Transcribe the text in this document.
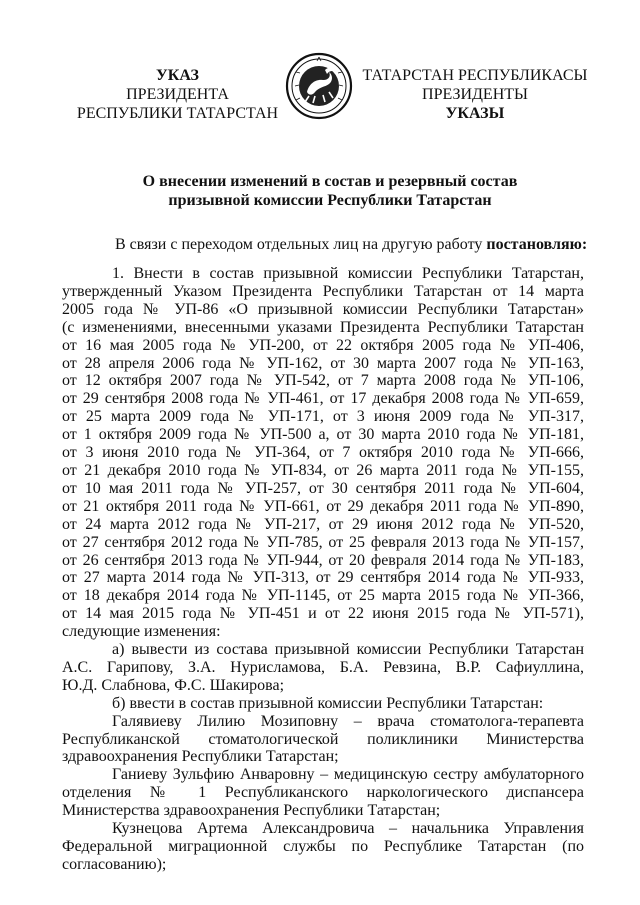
УКАЗ
ПРЕЗИДЕНТА
РЕСПУБЛИКИ ТАТАРСТАН
ТАТАРСТАН РЕСПУБЛИКАСЫ
ПРЕЗИДЕНТЫ
УКАЗЫ
О внесении изменений в состав и резервный состав
призывной комиссии Республики Татарстан
В связи с переходом отдельных лиц на другую работу постановляю:

1. Внести в состав призывной комиссии Республики Татарстан,

утвержденный Указом Президента Республики Татарстан от 14 марта

2005 года № УП-86 «О призывной комиссии Республики Татарстан»

(с изменениями, внесенными указами Президента Республики Татарстан

от 16 мая 2005 года № УП-200, от 22 октября 2005 года № УП-406,

от 28 апреля 2006 года № УП-162, от 30 марта 2007 года № УП-163,

от 12 октября 2007 года № УП-542, от 7 марта 2008 года № УП-106,

от 29 сентября 2008 года № УП-461, от 17 декабря 2008 года № УП-659,

от 25 марта 2009 года № УП-171, от 3 июня 2009 года № УП-317,

от 1 октября 2009 года № УП-500 а, от 30 марта 2010 года № УП-181,

от 3 июня 2010 года № УП-364, от 7 октября 2010 года № УП-666,

от 21 декабря 2010 года № УП-834, от 26 марта 2011 года № УП-155,

от 10 мая 2011 года № УП-257, от 30 сентября 2011 года № УП-604,

от 21 октября 2011 года № УП-661, от 29 декабря 2011 года № УП-890,

от 24 марта 2012 года № УП-217, от 29 июня 2012 года № УП-520,

от 27 сентября 2012 года № УП-785, от 25 февраля 2013 года № УП-157,

от 26 сентября 2013 года № УП-944, от 20 февраля 2014 года № УП-183,

от 27 марта 2014 года № УП-313, от 29 сентября 2014 года № УП-933,

от 18 декабря 2014 года № УП-1145, от 25 марта 2015 года № УП-366,

от 14 мая 2015 года № УП-451 и от 22 июня 2015 года № УП-571),

следующие изменения:

а) вывести из состава призывной комиссии Республики Татарстан

А.С. Гарипову, З.А. Нурисламова, Б.А. Ревзина, В.Р. Сафиуллина,

Ю.Д. Слабнова, Ф.С. Шакирова;

б) ввести в состав призывной комиссии Республики Татарстан:

Галявиеву Лилию Мозиповну – врача стоматолога-терапевта

Республиканской стоматологической поликлиники Министерства

здравоохранения Республики Татарстан;

Ганиеву Зульфию Анваровну – медицинскую сестру амбулаторного

отделения № 1 Республиканского наркологического диспансера

Министерства здравоохранения Республики Татарстан;

Кузнецова Артема Александровича – начальника Управления

Федеральной миграционной службы по Республике Татарстан (по

согласованию);
